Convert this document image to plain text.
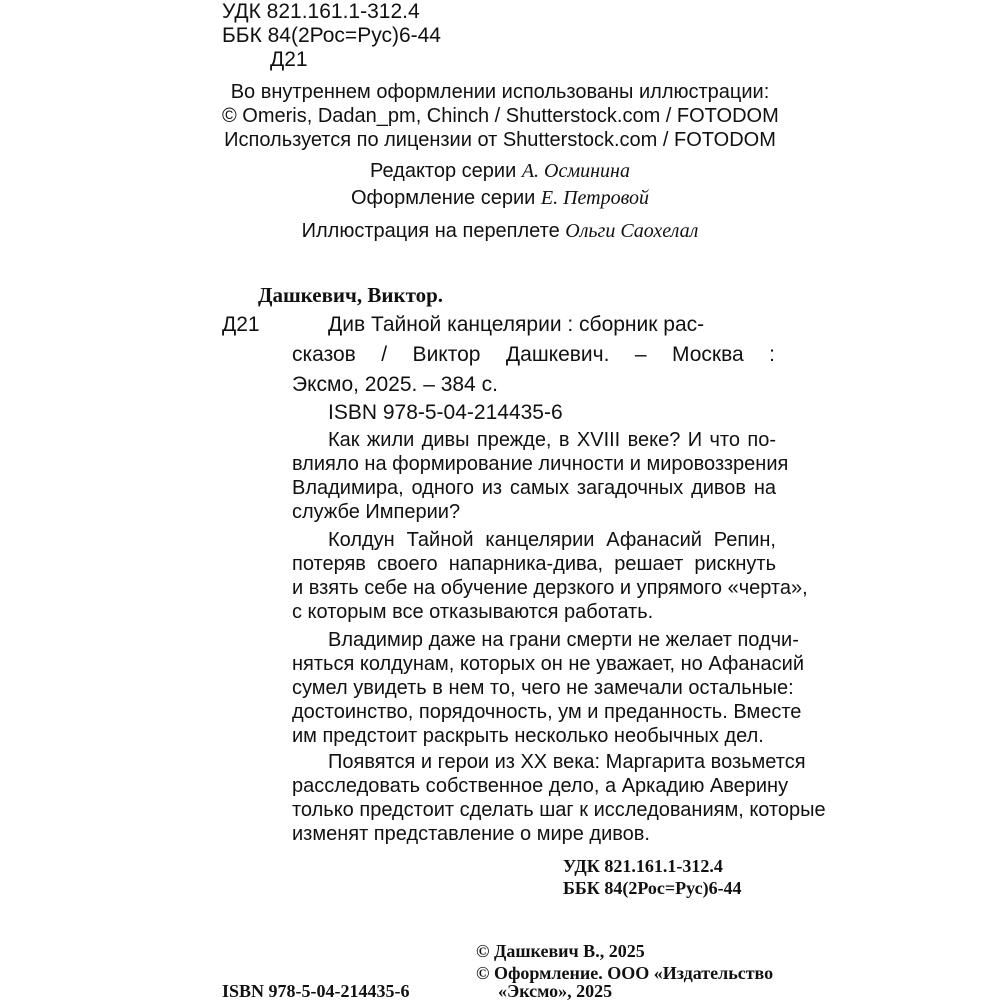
УДК 821.161.1-312.4
ББК 84(2Рос=Рус)6-44
Д21
Во внутреннем оформлении использованы иллюстрации:
© Omeris, Dadan_pm, Chinch / Shutterstock.com / FOTODOM
Используется по лицензии от Shutterstock.com / FOTODOM
Редактор серии А. Осминина
Оформление серии Е. Петровой
Иллюстрация на переплете Ольги Саохелал
Дашкевич, Виктор.
Д21	Див Тайной канцелярии : сборник рас-
сказов / Виктор Дашкевич. – Москва :
Эксмо, 2025. – 384 с.
ISBN 978-5-04-214435-6
Как жили дивы прежде, в XVIII веке? И что по-
влияло на формирование личности и мировоззрения
Владимира, одного из самых загадочных дивов на
службе Империи?
Колдун Тайной канцелярии Афанасий Репин,
потеряв своего напарника-дива, решает рискнуть
и взять себе на обучение дерзкого и упрямого «черта»,
с которым все отказываются работать.
Владимир даже на грани смерти не желает подчи-
няться колдунам, которых он не уважает, но Афанасий
сумел увидеть в нем то, чего не замечали остальные:
достоинство, порядочность, ум и преданность. Вместе
им предстоит раскрыть несколько необычных дел.
Появятся и герои из XX века: Маргарита возьмется
расследовать собственное дело, а Аркадию Аверину
только предстоит сделать шаг к исследованиям, которые
изменят представление о мире дивов.
УДК 821.161.1-312.4
ББК 84(2Рос=Рус)6-44
© Дашкевич В., 2025
© Оформление. ООО «Издательство
«Эксмо», 2025
ISBN 978-5-04-214435-6
